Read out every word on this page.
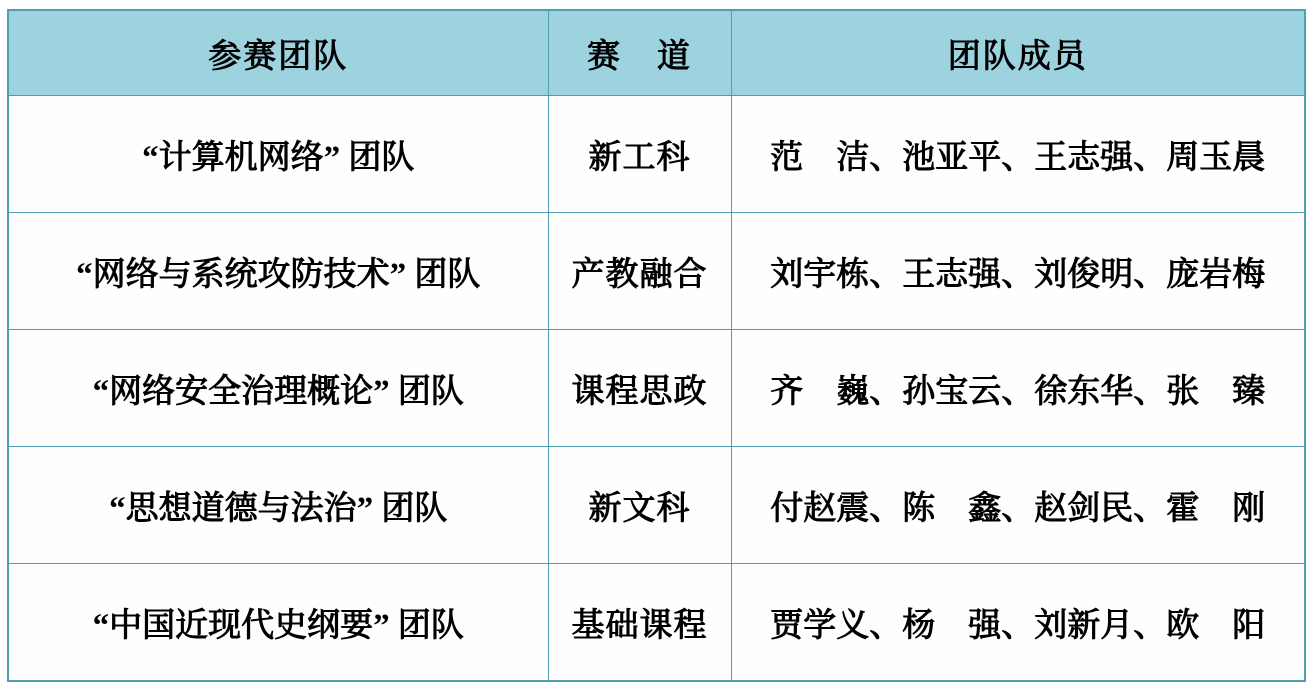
参赛团队	赛　道	团队成员
“计算机网络” 团队	新工科	范　洁、池亚平、王志强、周玉晨
“网络与系统攻防技术” 团队	产教融合	刘宇栋、王志强、刘俊明、庞岩梅
“网络安全治理概论” 团队	课程思政	齐　巍、孙宝云、徐东华、张　臻
“思想道德与法治” 团队	新文科	付赵震、陈　鑫、赵剑民、霍　刚
“中国近现代史纲要” 团队	基础课程	贾学义、杨　强、刘新月、欧　阳
